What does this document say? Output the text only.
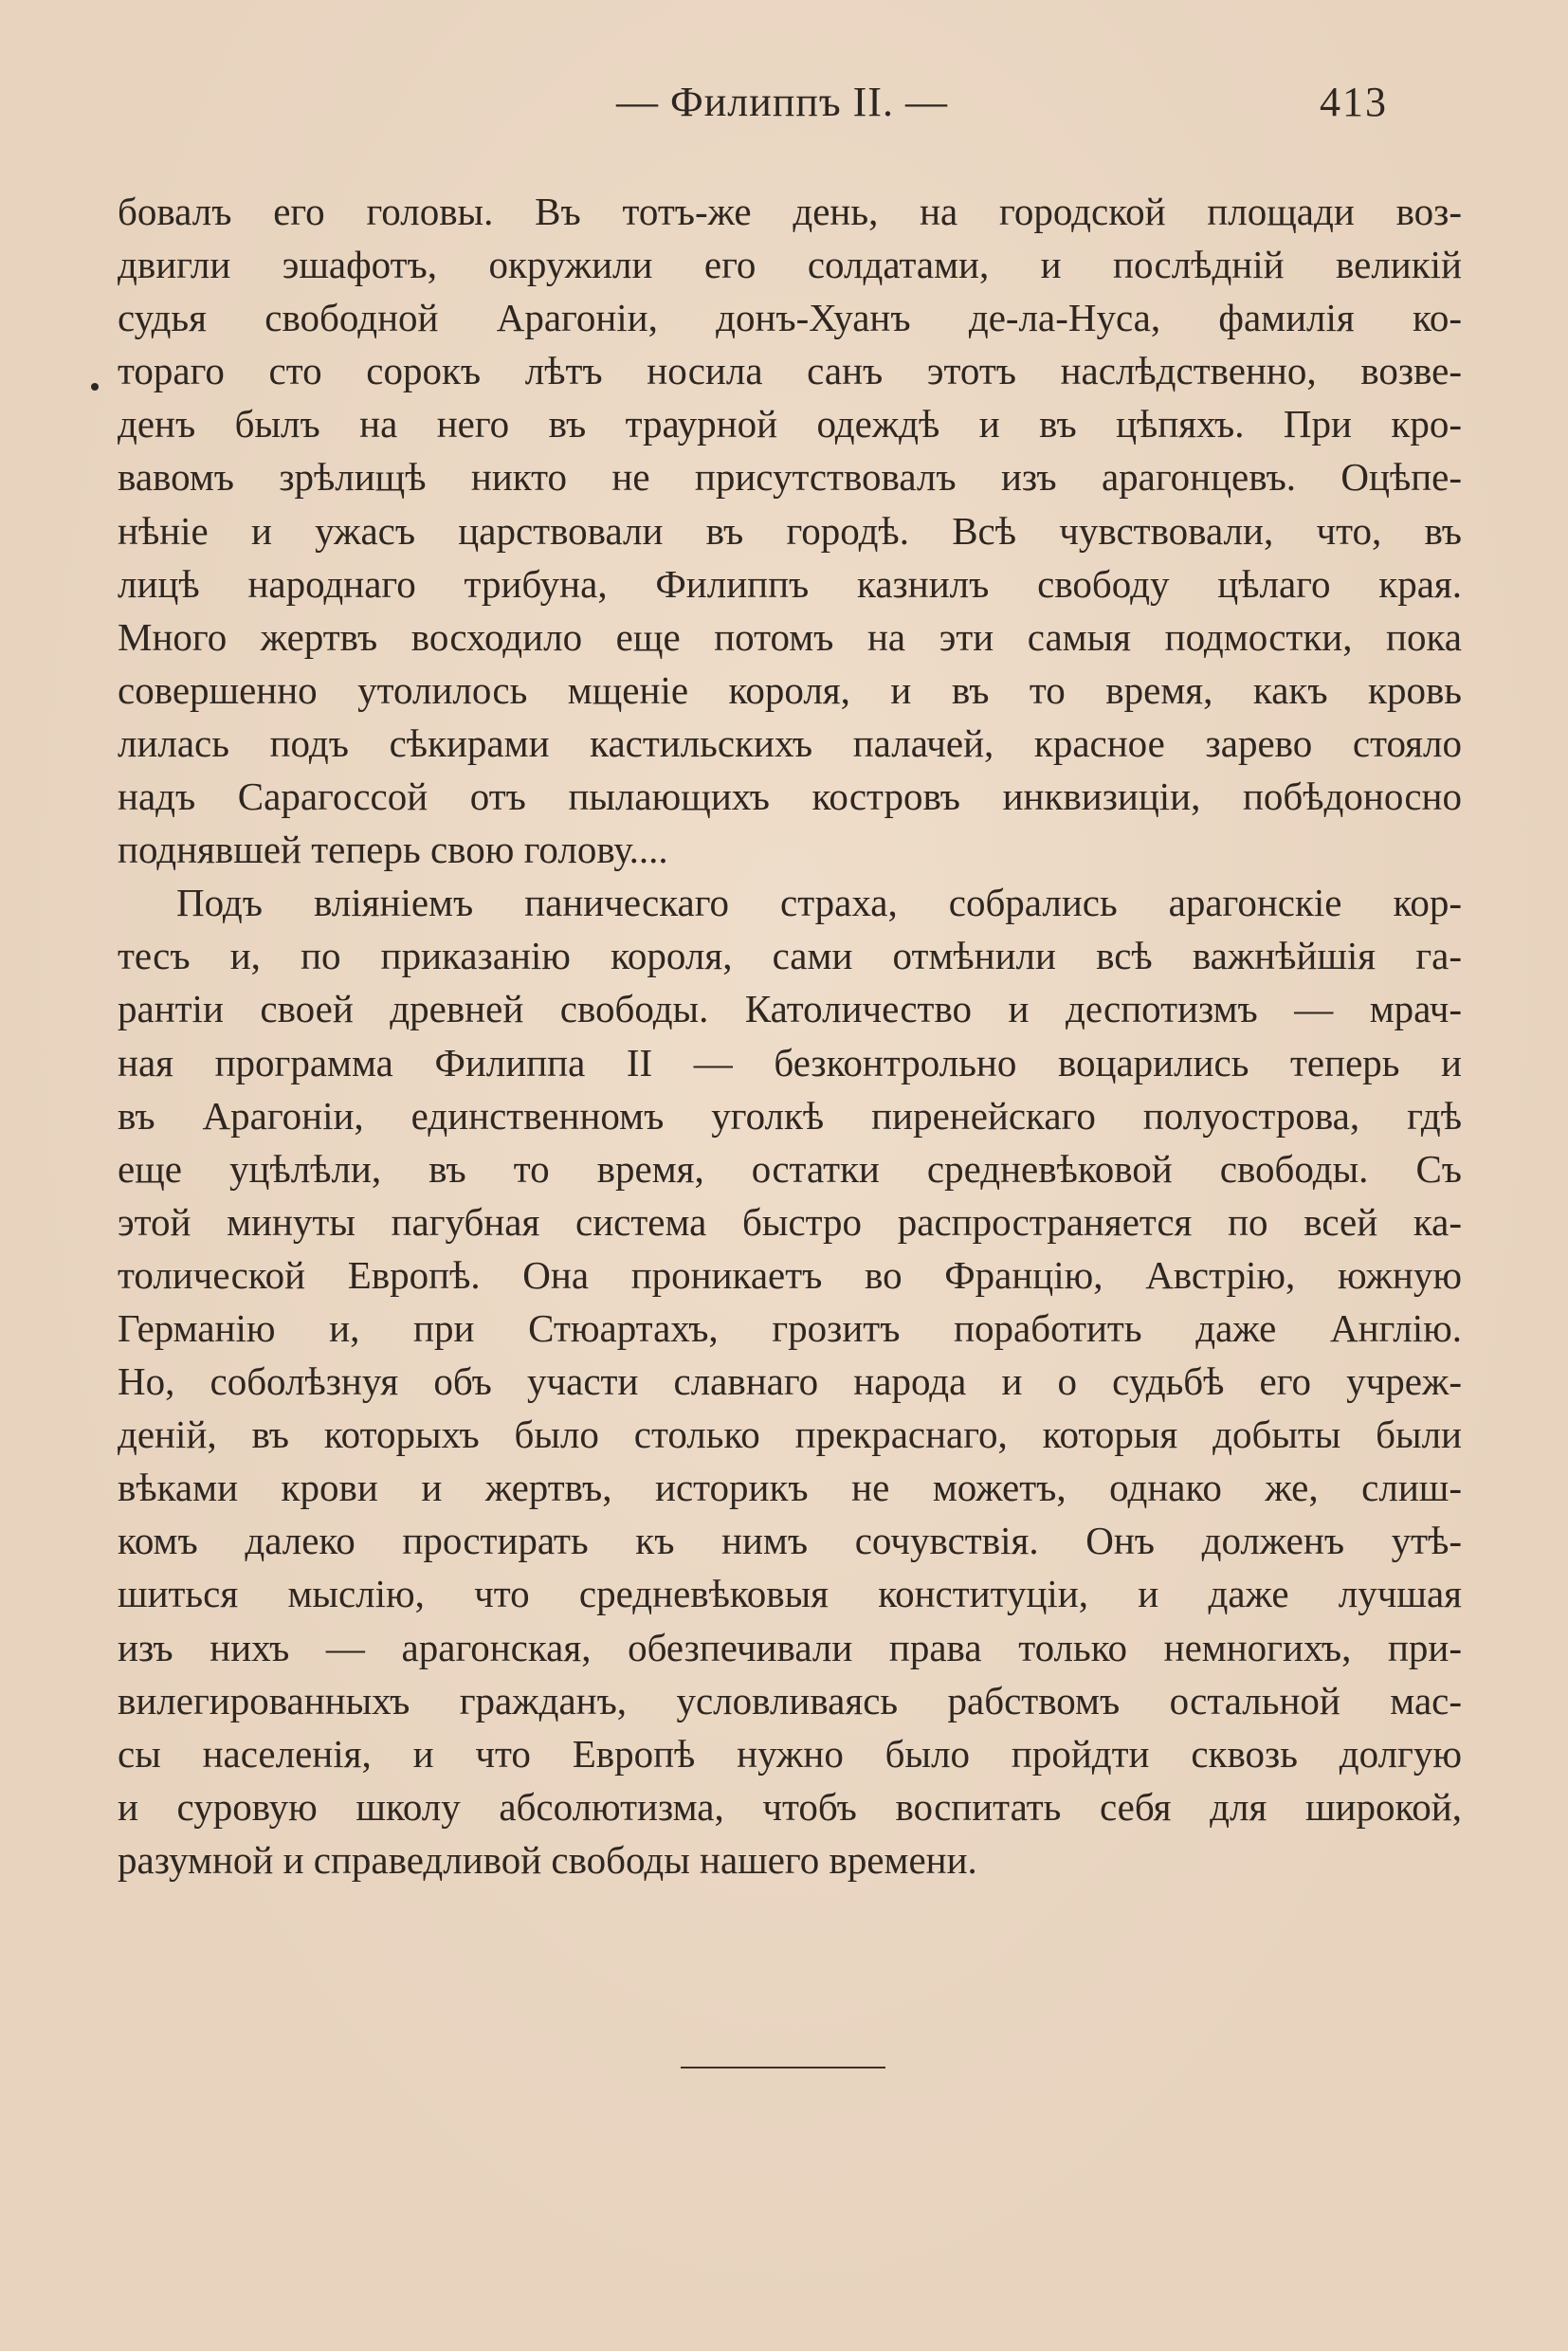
— Филиппъ II. —	413
бовалъ его головы. Въ тотъ-же день, на городской площади воз-
двигли эшафотъ, окружили его солдатами, и послѣднiй великiй
судья свободной Арагонiи, донъ-Хуанъ де-ла-Нуса, фамилiя ко-
тораго сто сорокъ лѣтъ носила санъ этотъ наслѣдственно, возве-
денъ былъ на него въ траурной одеждѣ и въ цѣпяхъ. При кро-
вавомъ зрѣлищѣ никто не присутствовалъ изъ арагонцевъ. Оцѣпе-
нѣнiе и ужасъ царствовали въ городѣ. Всѣ чувствовали, что, въ
лицѣ народнаго трибуна, Филиппъ казнилъ свободу цѣлаго края.
Много жертвъ восходило еще потомъ на эти самыя подмостки, пока
совершенно утолилось мщенiе короля, и въ то время, какъ кровь
лилась подъ сѣкирами кастильскихъ палачей, красное зарево стояло
надъ Сарагоссой отъ пылающихъ костровъ инквизицiи, побѣдоносно
поднявшей теперь свою голову....
Подъ влiянiемъ паническаго страха, собрались арагонскiе кор-
тесъ и, по приказанiю короля, сами отмѣнили всѣ важнѣйшiя га-
рантiи своей древней свободы. Католичество и деспотизмъ — мрач-
ная программа Филиппа II — безконтрольно воцарились теперь и
въ Арагонiи, единственномъ уголкѣ пиренейскаго полуострова, гдѣ
еще уцѣлѣли, въ то время, остатки средневѣковой свободы. Съ
этой минуты пагубная система быстро распространяется по всей ка-
толической Европѣ. Она проникаетъ во Францiю, Австрiю, южную
Германiю и, при Стюартахъ, грозитъ поработить даже Англiю.
Но, соболѣзнуя объ участи славнаго народа и о судьбѣ его учреж-
денiй, въ которыхъ было столько прекраснаго, которыя добыты были
вѣками крови и жертвъ, историкъ не можетъ, однако же, слиш-
комъ далеко простирать къ нимъ сочувствiя. Онъ долженъ утѣ-
шиться мыслiю, что средневѣковыя конституцiи, и даже лучшая
изъ нихъ — арагонская, обезпечивали права только немногихъ, при-
вилегированныхъ гражданъ, условливаясь рабствомъ остальной мас-
сы населенiя, и что Европѣ нужно было пройдти сквозь долгую
и суровую школу абсолютизма, чтобъ воспитать себя для широкой,
разумной и справедливой свободы нашего времени.
